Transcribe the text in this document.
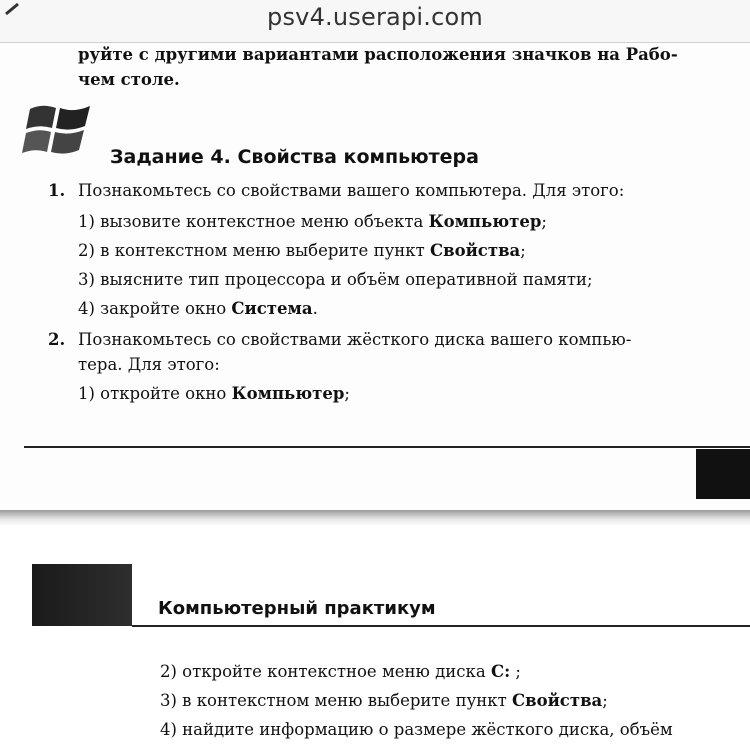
psv4.userapi.com
руйте с другими вариантами расположения значков на Рабо-
чем столе.
Задание 4. Свойства компьютера
1. Познакомьтесь со свойствами вашего компьютера. Для этого:
1) вызовите контекстное меню объекта Компьютер;
2) в контекстном меню выберите пункт Свойства;
3) выясните тип процессора и объём оперативной памяти;
4) закройте окно Система.
2. Познакомьтесь со свойствами жёсткого диска вашего компью-
тера. Для этого:
1) откройте окно Компьютер;
Компьютерный практикум
2) откройте контекстное меню диска С: ;
3) в контекстном меню выберите пункт Свойства;
4) найдите информацию о размере жёсткого диска, объём
